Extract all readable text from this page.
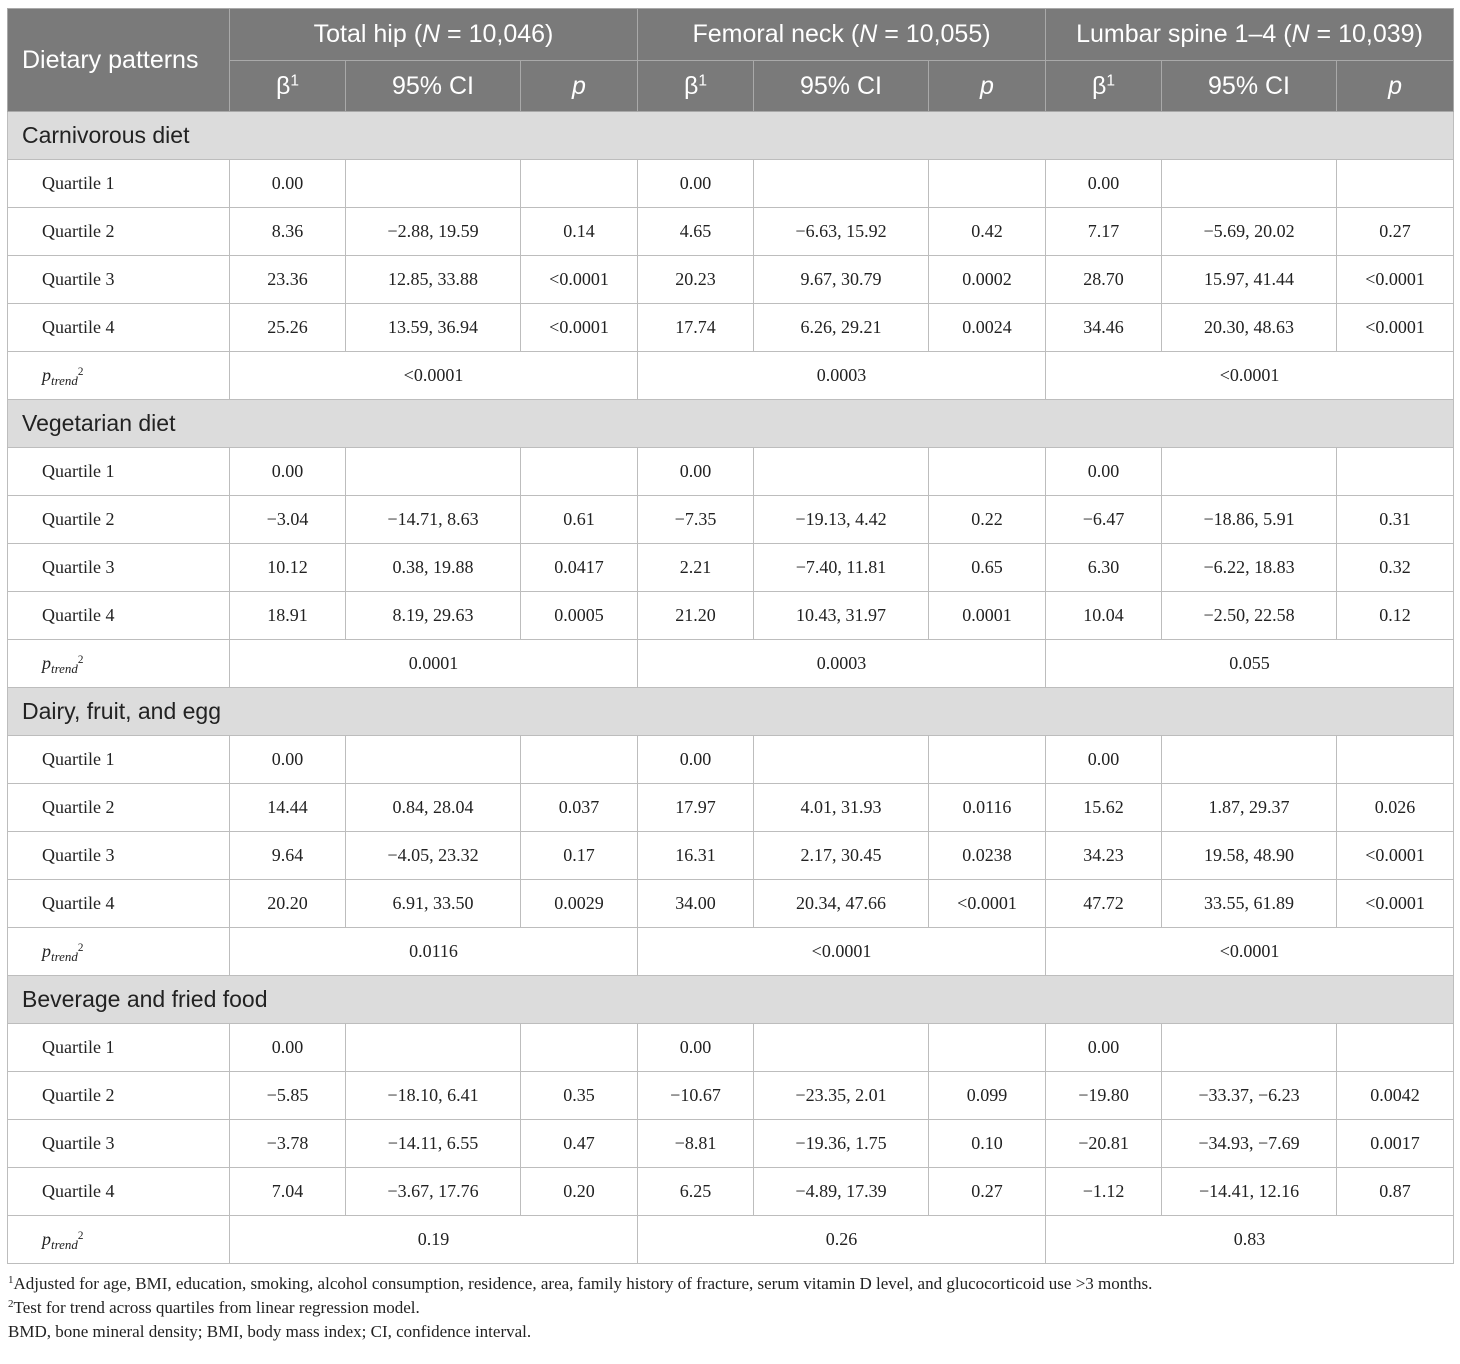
Dietary patterns	Total hip (N = 10,046)			Femoral neck (N = 10,055)			Lumbar spine 1–4 (N = 10,039)		
	$\beta^1$	95% CI	p	$\beta^1$	95% CI	p	$\beta^1$	95% CI	p
Carnivorous diet									
Quartile 1	0.00			0.00			0.00		
Quartile 2	8.36	−2.88, 19.59	0.14	4.65	−6.63, 15.92	0.42	7.17	−5.69, 20.02	0.27
Quartile 3	23.36	12.85, 33.88	<0.0001	20.23	9.67, 30.79	0.0002	28.70	15.97, 41.44	<0.0001
Quartile 4	25.26	13.59, 36.94	<0.0001	17.74	6.26, 29.21	0.0024	34.46	20.30, 48.63	<0.0001
$p_{trend}^2$	<0.0001			0.0003			<0.0001		
Vegetarian diet									
Quartile 1	0.00			0.00			0.00		
Quartile 2	−3.04	−14.71, 8.63	0.61	−7.35	−19.13, 4.42	0.22	−6.47	−18.86, 5.91	0.31
Quartile 3	10.12	0.38, 19.88	0.0417	2.21	−7.40, 11.81	0.65	6.30	−6.22, 18.83	0.32
Quartile 4	18.91	8.19, 29.63	0.0005	21.20	10.43, 31.97	0.0001	10.04	−2.50, 22.58	0.12
$p_{trend}^2$	0.0001			0.0003			0.055		
Dairy, fruit, and egg									
Quartile 1	0.00			0.00			0.00		
Quartile 2	14.44	0.84, 28.04	0.037	17.97	4.01, 31.93	0.0116	15.62	1.87, 29.37	0.026
Quartile 3	9.64	−4.05, 23.32	0.17	16.31	2.17, 30.45	0.0238	34.23	19.58, 48.90	<0.0001
Quartile 4	20.20	6.91, 33.50	0.0029	34.00	20.34, 47.66	<0.0001	47.72	33.55, 61.89	<0.0001
$p_{trend}^2$	0.0116			<0.0001			<0.0001		
Beverage and fried food									
Quartile 1	0.00			0.00			0.00		
Quartile 2	−5.85	−18.10, 6.41	0.35	−10.67	−23.35, 2.01	0.099	−19.80	−33.37, −6.23	0.0042
Quartile 3	−3.78	−14.11, 6.55	0.47	−8.81	−19.36, 1.75	0.10	−20.81	−34.93, −7.69	0.0017
Quartile 4	7.04	−3.67, 17.76	0.20	6.25	−4.89, 17.39	0.27	−1.12	−14.41, 12.16	0.87
$p_{trend}^2$	0.19			0.26			0.83		
$^1$Adjusted for age, BMI, education, smoking, alcohol consumption, residence, area, family history of fracture, serum vitamin D level, and glucocorticoid use >3 months.
$^2$Test for trend across quartiles from linear regression model.
BMD, bone mineral density; BMI, body mass index; CI, confidence interval.
